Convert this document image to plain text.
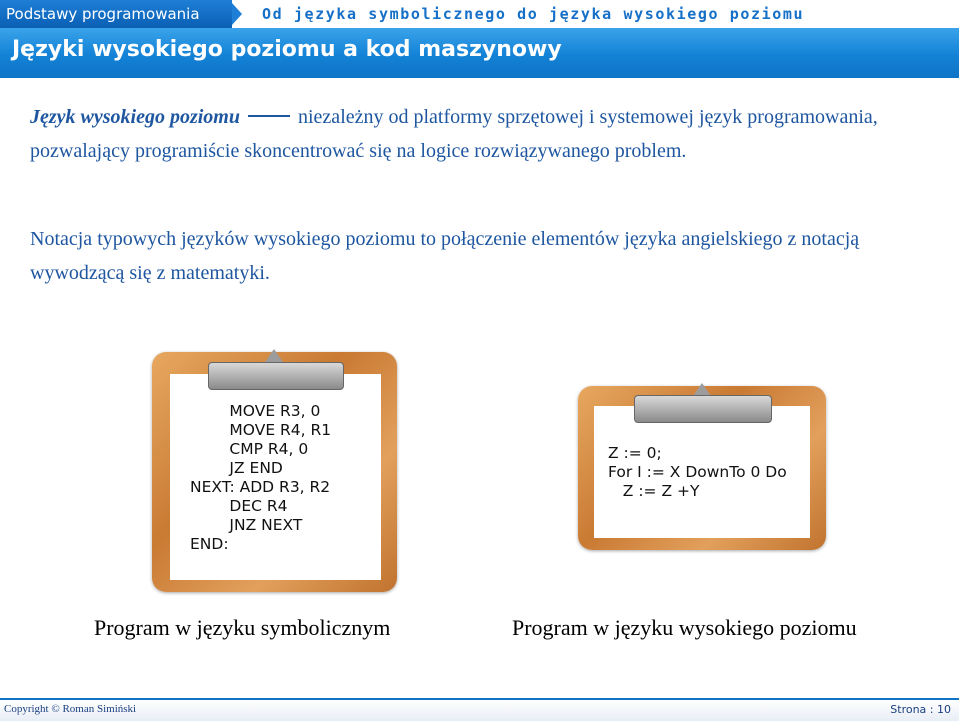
Podstawy programowania	Od języka symbolicznego do języka wysokiego poziomu
Języki wysokiego poziomu a kod maszynowy
Język wysokiego poziomu	niezależny od platformy sprzętowej i systemowej język programowania, pozwalający programiście skoncentrować się na logice rozwiązywanego problem.
Notacja typowych języków wysokiego poziomu to połączenie elementów języka angielskiego z notacją wywodzącą się z matematyki.
MOVE R3, 0
MOVE R4, R1
CMP R4, 0
JZ END
NEXT: ADD R3, R2
DEC R4
JNZ NEXT
END:
Z := 0;
For I := X DownTo 0 Do
Z := Z +Y
Program w języku symbolicznym	Program w języku wysokiego poziomu
Copyright © Roman Simiński	Strona : 10
